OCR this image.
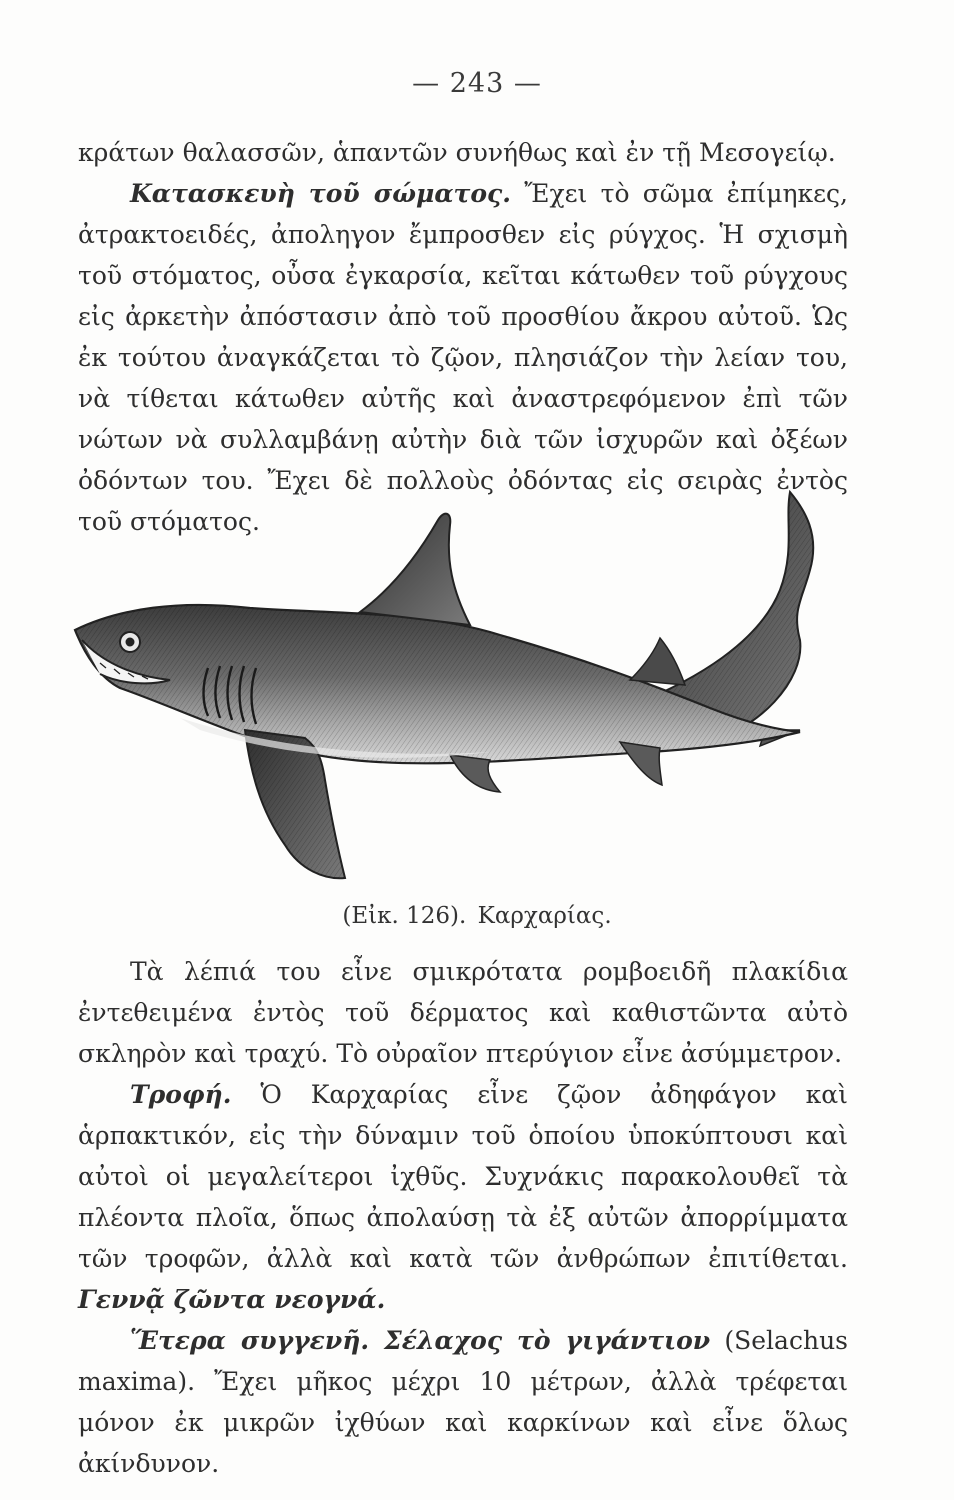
— 243 —

κράτων θαλασσῶν, ἁπαντῶν συνήθως καὶ ἐν τῇ Μεσογείῳ.

Κατασκευὴ τοῦ σώματος. Ἔχει τὸ σῶμα ἐπίμηκες, ἀτρακτοειδές, ἀποληγον ἔμπροσθεν εἰς ρύγχος. Ἡ σχισμὴ τοῦ στόματος, οὖσα ἐγκαρσία, κεῖται κάτωθεν τοῦ ρύγχους εἰς ἀρκετὴν ἀπόστασιν ἀπὸ τοῦ προσθίου ἄκρου αὐτοῦ. Ὡς ἐκ τούτου ἀναγκάζεται τὸ ζῷον, πλησιάζον τὴν λείαν του, νὰ τίθεται κάτωθεν αὐτῆς καὶ ἀναστρεφόμενον ἐπὶ τῶν νώτων νὰ συλλαμβάνῃ αὐτὴν διὰ τῶν ἰσχυρῶν καὶ ὀξέων ὀδόντων του. Ἔχει δὲ πολλοὺς ὀδόντας εἰς σειρὰς ἐντὸς τοῦ στόματος.

(Εἰκ. 126). Καρχαρίας.

Τὰ λέπιά του εἶνε σμικρότατα ρομβοειδῆ πλακίδια ἐντεθειμένα ἐντὸς τοῦ δέρματος καὶ καθιστῶντα αὐτὸ σκληρὸν καὶ τραχύ. Τὸ οὐραῖον πτερύγιον εἶνε ἀσύμμετρον.

Τροφή. Ὁ Καρχαρίας εἶνε ζῷον ἀδηφάγον καὶ ἁρπακτικόν, εἰς τὴν δύναμιν τοῦ ὁποίου ὑποκύπτουσι καὶ αὐτοὶ οἱ μεγαλείτεροι ἰχθῦς. Συχνάκις παρακολουθεῖ τὰ πλέοντα πλοῖα, ὅπως ἀπολαύσῃ τὰ ἐξ αὐτῶν ἀπορρίμματα τῶν τροφῶν, ἀλλὰ καὶ κατὰ τῶν ἀνθρώπων ἐπιτίθεται. Γεννᾷ ζῶντα νεογνά.

Ἕτερα συγγενῆ. Σέλαχος τὸ γιγάντιον (Selachus maxima). Ἔχει μῆκος μέχρι 10 μέτρων, ἀλλὰ τρέφεται μόνον ἐκ μικρῶν ἰχθύων καὶ καρκίνων καὶ εἶνε ὅλως ἀκίνδυνον.
